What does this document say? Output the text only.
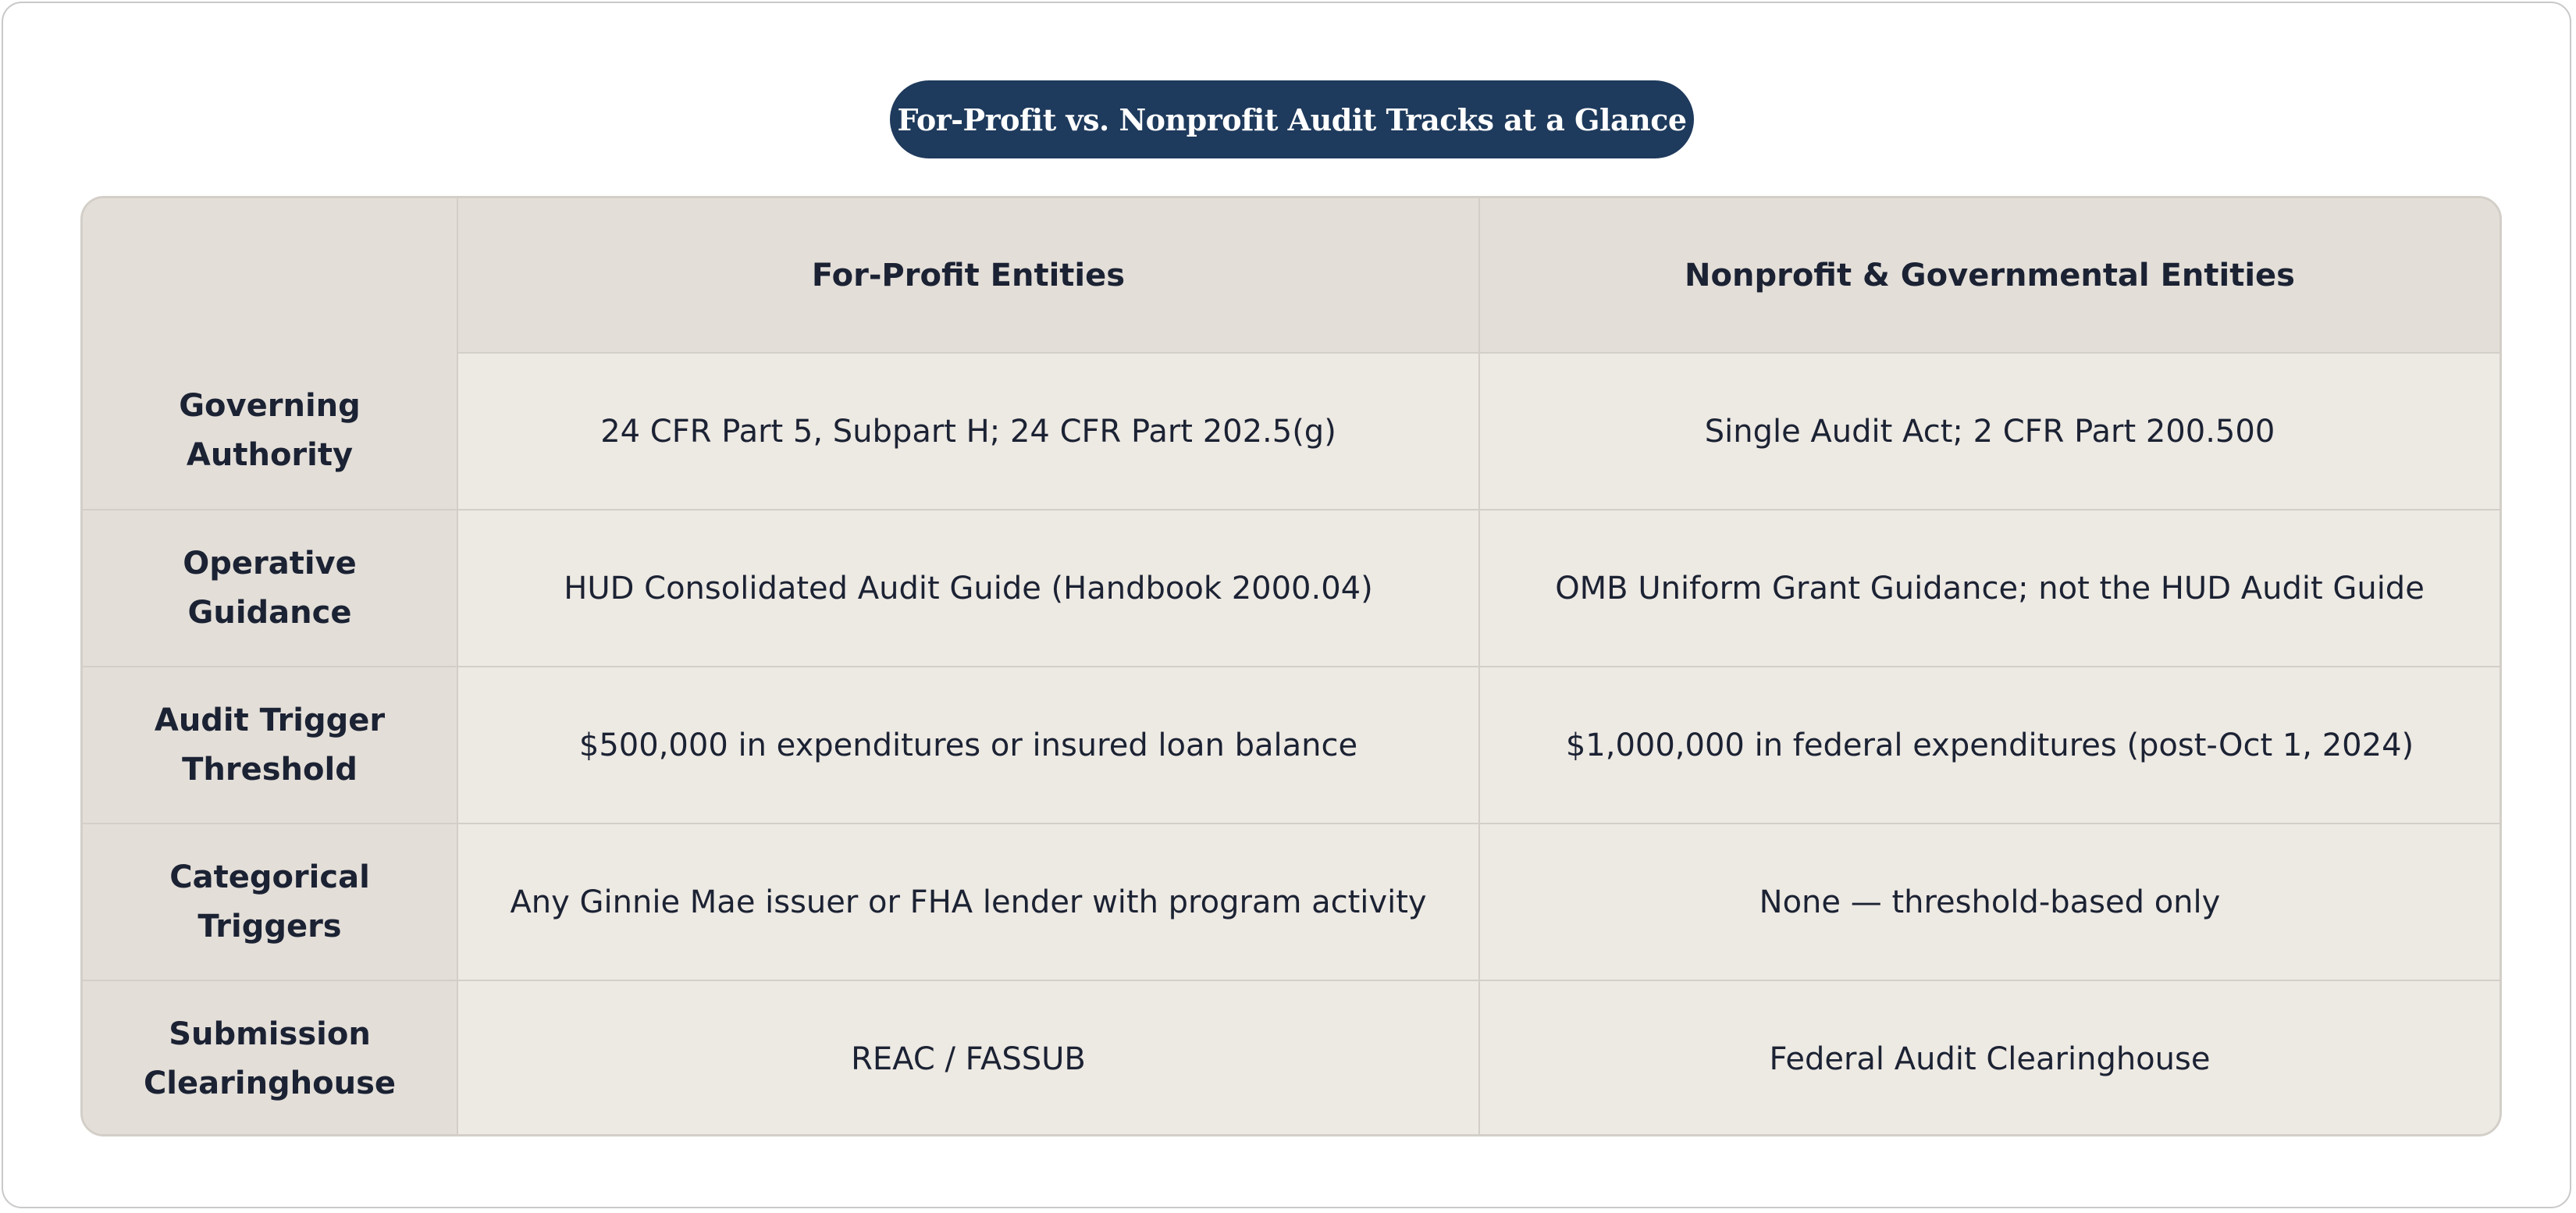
For-Profit vs. Nonprofit Audit Tracks at a Glance
	For-Profit Entities	Nonprofit & Governmental Entities
Governing Authority	24 CFR Part 5, Subpart H; 24 CFR Part 202.5(g)	Single Audit Act; 2 CFR Part 200.500
Operative Guidance	HUD Consolidated Audit Guide (Handbook 2000.04)	OMB Uniform Grant Guidance; not the HUD Audit Guide
Audit Trigger Threshold	$500,000 in expenditures or insured loan balance	$1,000,000 in federal expenditures (post-Oct 1, 2024)
Categorical Triggers	Any Ginnie Mae issuer or FHA lender with program activity	None — threshold-based only
Submission Clearinghouse	REAC / FASSUB	Federal Audit Clearinghouse
